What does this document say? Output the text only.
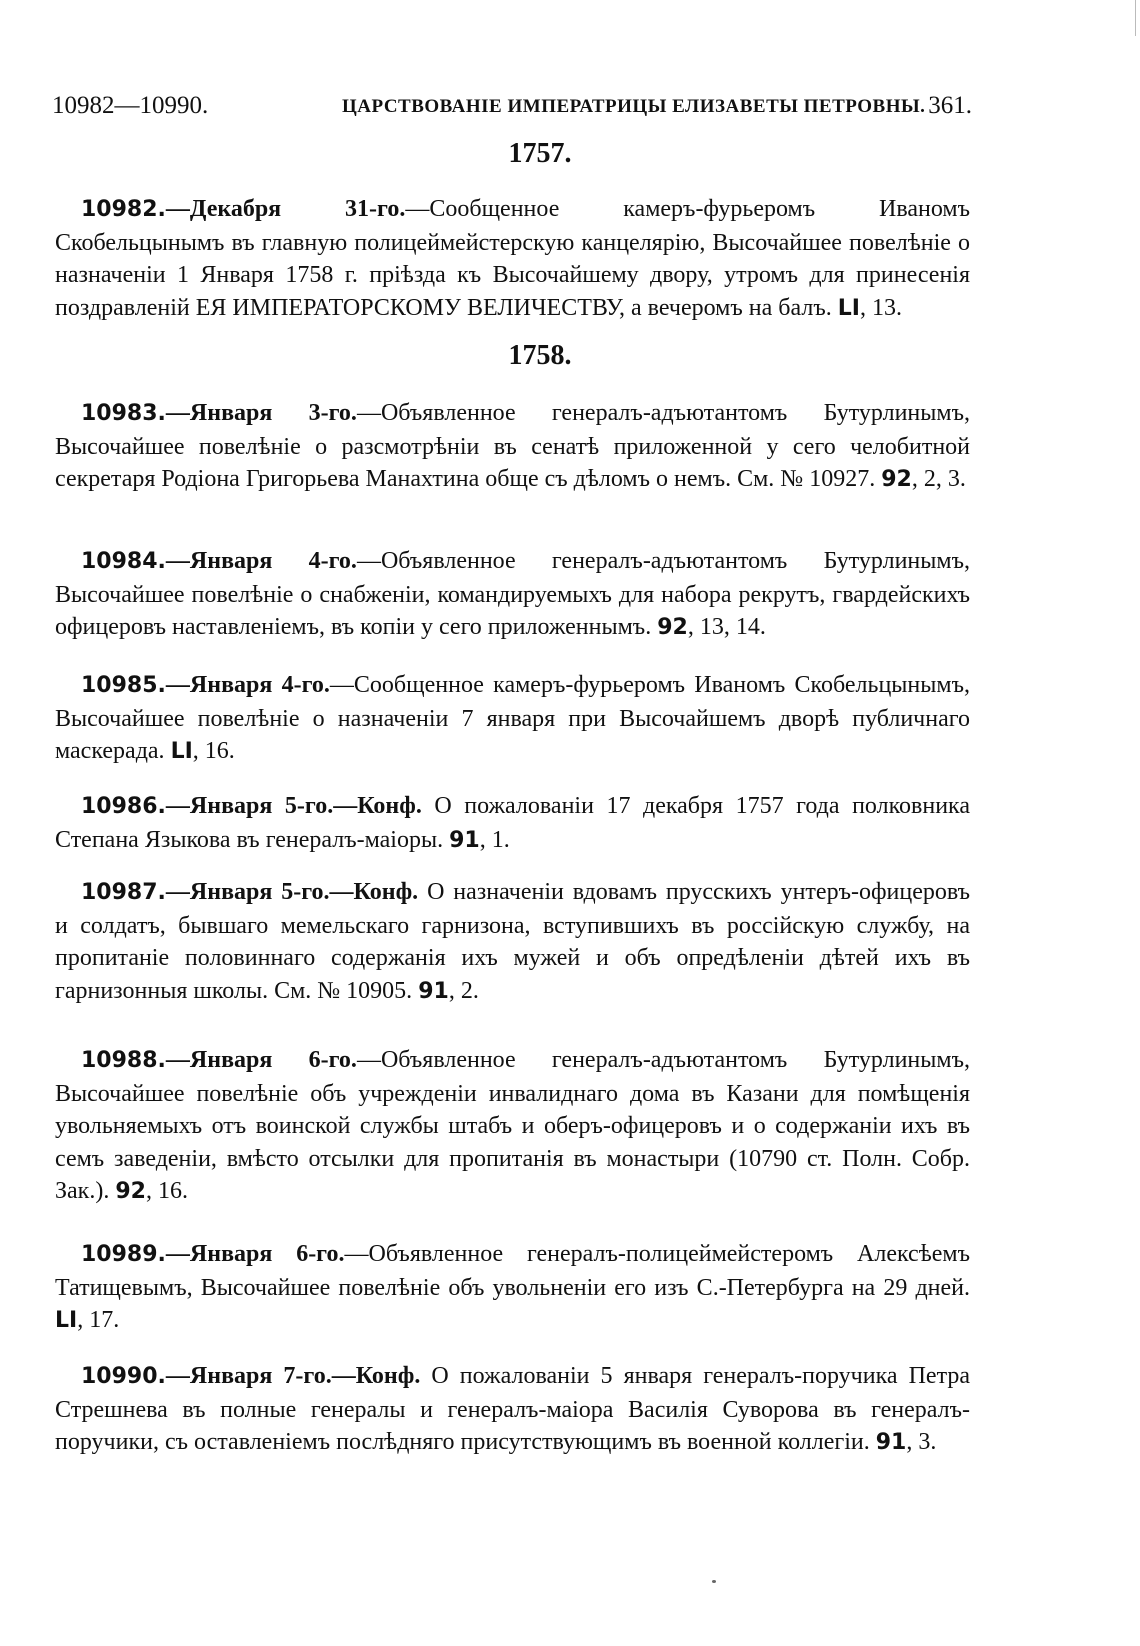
10982—10990.	ЦАРСТВОВАНІЕ ИМПЕРАТРИЦЫ ЕЛИЗАВЕТЫ ПЕТРОВНЫ. 361.
1757.
10982.—Декабря 31-го.—Сообщенное камеръ-фурьеромъ Иваномъ Скобельцынымъ въ главную полицеймейстерскую канцелярію, Высочайшее повелѣніе о назначеніи 1 Января 1758 г. пріѣзда къ Высочайшему двору, утромъ для принесенія поздравленій ЕЯ ИМПЕРАТОРСКОМУ ВЕЛИЧЕСТВУ, а вечеромъ на балъ. LI, 13.
1758.
10983.—Января 3-го.—Объявленное генералъ-адъютантомъ Бутурлинымъ, Высочайшее повелѣніе о разсмотрѣніи въ сенатѣ приложенной у сего челобитной секретаря Родіона Григорьева Манахтина обще съ дѣломъ о немъ. См. № 10927. 92, 2, 3.
10984.—Января 4-го.—Объявленное генералъ-адъютантомъ Бутурлинымъ, Высочайшее повелѣніе о снабженіи, командируемыхъ для набора рекрутъ, гвардейскихъ офицеровъ наставленіемъ, въ копіи у сего приложеннымъ. 92, 13, 14.
10985.—Января 4-го.—Сообщенное камеръ-фурьеромъ Иваномъ Скобельцынымъ, Высочайшее повелѣніе о назначеніи 7 января при Высочайшемъ дворѣ публичнаго маскерада. LI, 16.
10986.—Января 5-го.—Конф. О пожалованіи 17 декабря 1757 года полковника Степана Языкова въ генералъ-маіоры. 91, 1.
10987.—Января 5-го.—Конф. О назначеніи вдовамъ прусскихъ унтеръ-офицеровъ и солдатъ, бывшаго мемельскаго гарнизона, вступившихъ въ россійскую службу, на пропитаніе половиннаго содержанія ихъ мужей и объ опредѣленіи дѣтей ихъ въ гарнизонныя школы. См. № 10905. 91, 2.
10988.—Января 6-го.—Объявленное генералъ-адъютантомъ Бутурлинымъ, Высочайшее повелѣніе объ учрежденіи инвалиднаго дома въ Казани для помѣщенія увольняемыхъ отъ воинской службы штабъ и оберъ-офицеровъ и о содержаніи ихъ въ семъ заведеніи, вмѣсто отсылки для пропитанія въ монастыри (10790 ст. Полн. Собр. Зак.). 92, 16.
10989.—Января 6-го.—Объявленное генералъ-полицеймейстеромъ Алексѣемъ Татищевымъ, Высочайшее повелѣніе объ увольненіи его изъ С.-Петербурга на 29 дней. LI, 17.
10990.—Января 7-го.—Конф. О пожалованіи 5 января генералъ-поручика Петра Стрешнева въ полные генералы и генералъ-маіора Василія Суворова въ генералъ-поручики, съ оставленіемъ послѣдняго присутствующимъ въ военной коллегіи. 91, 3.
